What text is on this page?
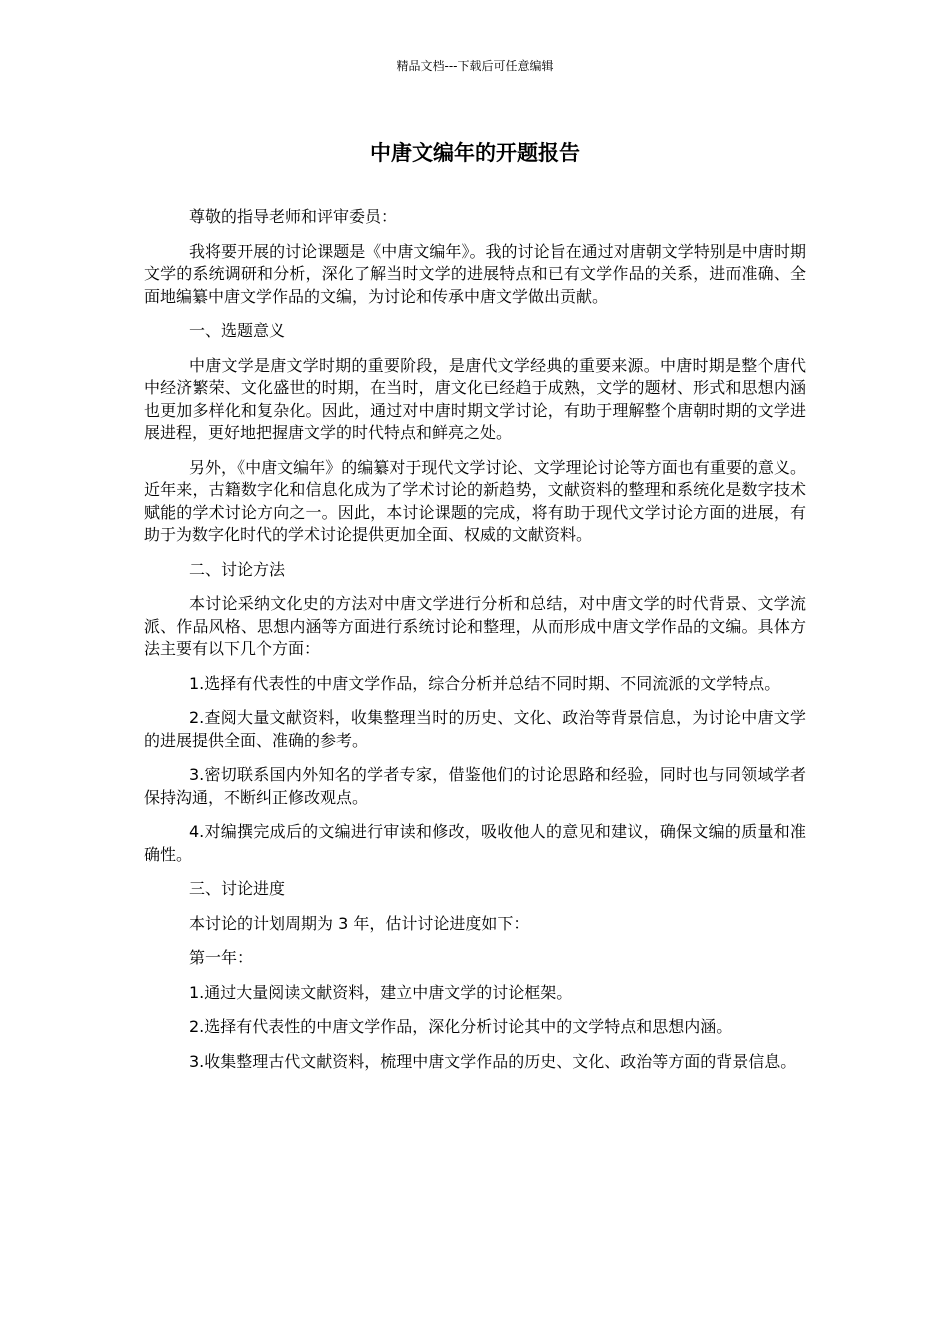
精品文档---下载后可任意编辑
中唐文编年的开题报告

尊敬的指导老师和评审委员：

我将要开展的讨论课题是《中唐文编年》。我的讨论旨在通过对唐朝文学特别是中唐时期文学的系统调研和分析，深化了解当时文学的进展特点和已有文学作品的关系，进而准确、全面地编纂中唐文学作品的文编，为讨论和传承中唐文学做出贡献。

一、选题意义

中唐文学是唐文学时期的重要阶段，是唐代文学经典的重要来源。中唐时期是整个唐代中经济繁荣、文化盛世的时期，在当时，唐文化已经趋于成熟，文学的题材、形式和思想内涵也更加多样化和复杂化。因此，通过对中唐时期文学讨论，有助于理解整个唐朝时期的文学进展进程，更好地把握唐文学的时代特点和鲜亮之处。

另外，《中唐文编年》的编纂对于现代文学讨论、文学理论讨论等方面也有重要的意义。近年来，古籍数字化和信息化成为了学术讨论的新趋势，文献资料的整理和系统化是数字技术赋能的学术讨论方向之一。因此，本讨论课题的完成，将有助于现代文学讨论方面的进展，有助于为数字化时代的学术讨论提供更加全面、权威的文献资料。

二、讨论方法

本讨论采纳文化史的方法对中唐文学进行分析和总结，对中唐文学的时代背景、文学流派、作品风格、思想内涵等方面进行系统讨论和整理，从而形成中唐文学作品的文编。具体方法主要有以下几个方面：

1.选择有代表性的中唐文学作品，综合分析并总结不同时期、不同流派的文学特点。

2.查阅大量文献资料，收集整理当时的历史、文化、政治等背景信息，为讨论中唐文学的进展提供全面、准确的参考。

3.密切联系国内外知名的学者专家，借鉴他们的讨论思路和经验，同时也与同领域学者保持沟通，不断纠正修改观点。

4.对编撰完成后的文编进行审读和修改，吸收他人的意见和建议，确保文编的质量和准确性。

三、讨论进度

本讨论的计划周期为 3 年，估计讨论进度如下：

第一年：

1.通过大量阅读文献资料，建立中唐文学的讨论框架。

2.选择有代表性的中唐文学作品，深化分析讨论其中的文学特点和思想内涵。

3.收集整理古代文献资料，梳理中唐文学作品的历史、文化、政治等方面的背景信息。
